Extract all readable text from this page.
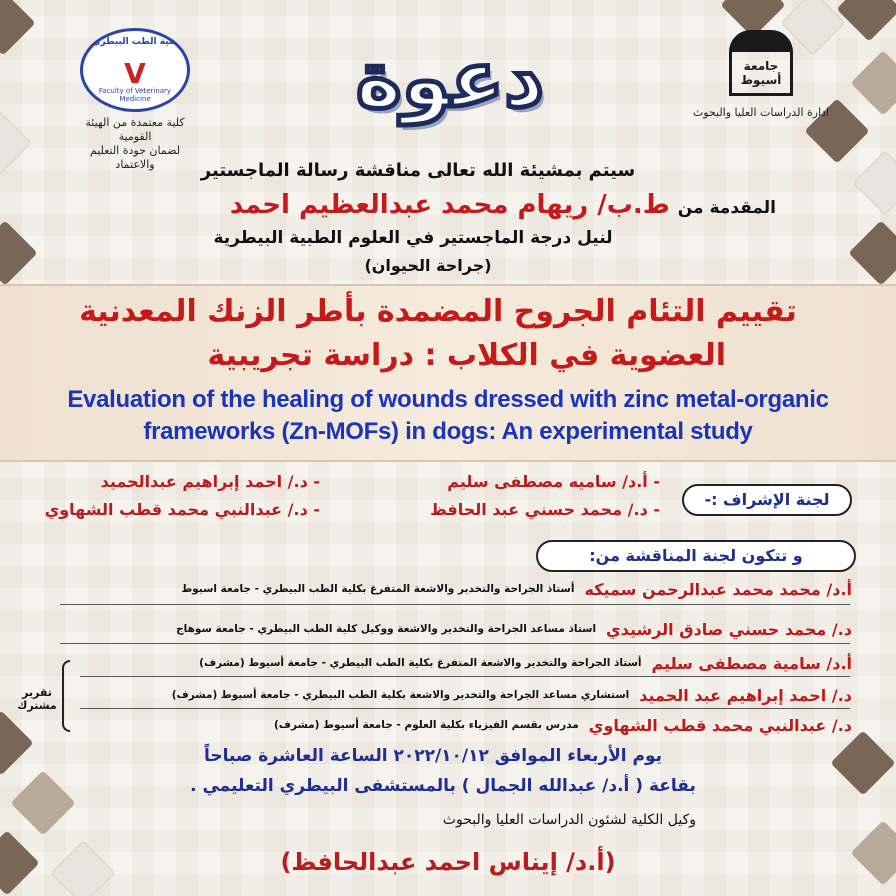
كلية الطب البيطري
V
Faculty of Veterinary Medicine
كلية معتمدة من الهيئة القومية
لضمان جودة التعليم والاعتماد
دعوة	جامعة أسيوط
ادارة الدراسات العليا والبحوث
سيتم بمشيئة الله تعالى مناقشة رسالة الماجستير
المقدمة من
ط.ب/ ريهام محمد عبدالعظيم احمد
لنيل درجة الماجستير في العلوم الطبية البيطرية
(جراحة الحيوان)
تقييم التئام الجروح المضمدة بأطر الزنك المعدنية
العضوية في الكلاب : دراسة تجريبية
Evaluation of the healing of wounds dressed with zinc metal-organic
frameworks (Zn-MOFs) in dogs: An experimental study
- أ.د/ ساميه مصطفى سليم
- د./ احمد إبراهيم عبدالحميد
- د./ محمد حسني عبد الحافظ
- د./ عبدالنبي محمد قطب الشهاوي
لجنة الإشراف :-
و تتكون لجنة المناقشة من:
أ.د/ محمد محمد عبدالرحمن سميكه
أستاذ الجراحة والتخدير والاشعة المتفرغ بكلية الطب البيطري - جامعة اسيوط
د./ محمد حسني صادق الرشيدي
استاذ مساعد الجراحة والتخدير والاشعة ووكيل كلية الطب البيطري - جامعة سوهاج
أ.د/ سامية مصطفى سليم
أستاذ الجراحة والتخدير والاشعة المتفرغ بكلية الطب البيطري - جامعة أسيوط (مشرف)
د./ احمد إبراهيم عبد الحميد
استشاري مساعد الجراحة والتخدير والاشعة بكلية الطب البيطري - جامعة أسيوط (مشرف)
د./ عبدالنبي محمد قطب الشهاوي
مدرس بقسم الفيزياء بكلية العلوم - جامعة أسيوط (مشرف)
تقرير
مشترك
يوم الأربعاء الموافق ٢٠٢٢/١٠/١٢ الساعة العاشرة صباحاً
بقاعة ( أ.د/ عبدالله الجمال ) بالمستشفى البيطري التعليمي .
وكيل الكلية لشئون الدراسات العليا والبحوث
(أ.د/ إيناس احمد عبدالحافظ)
